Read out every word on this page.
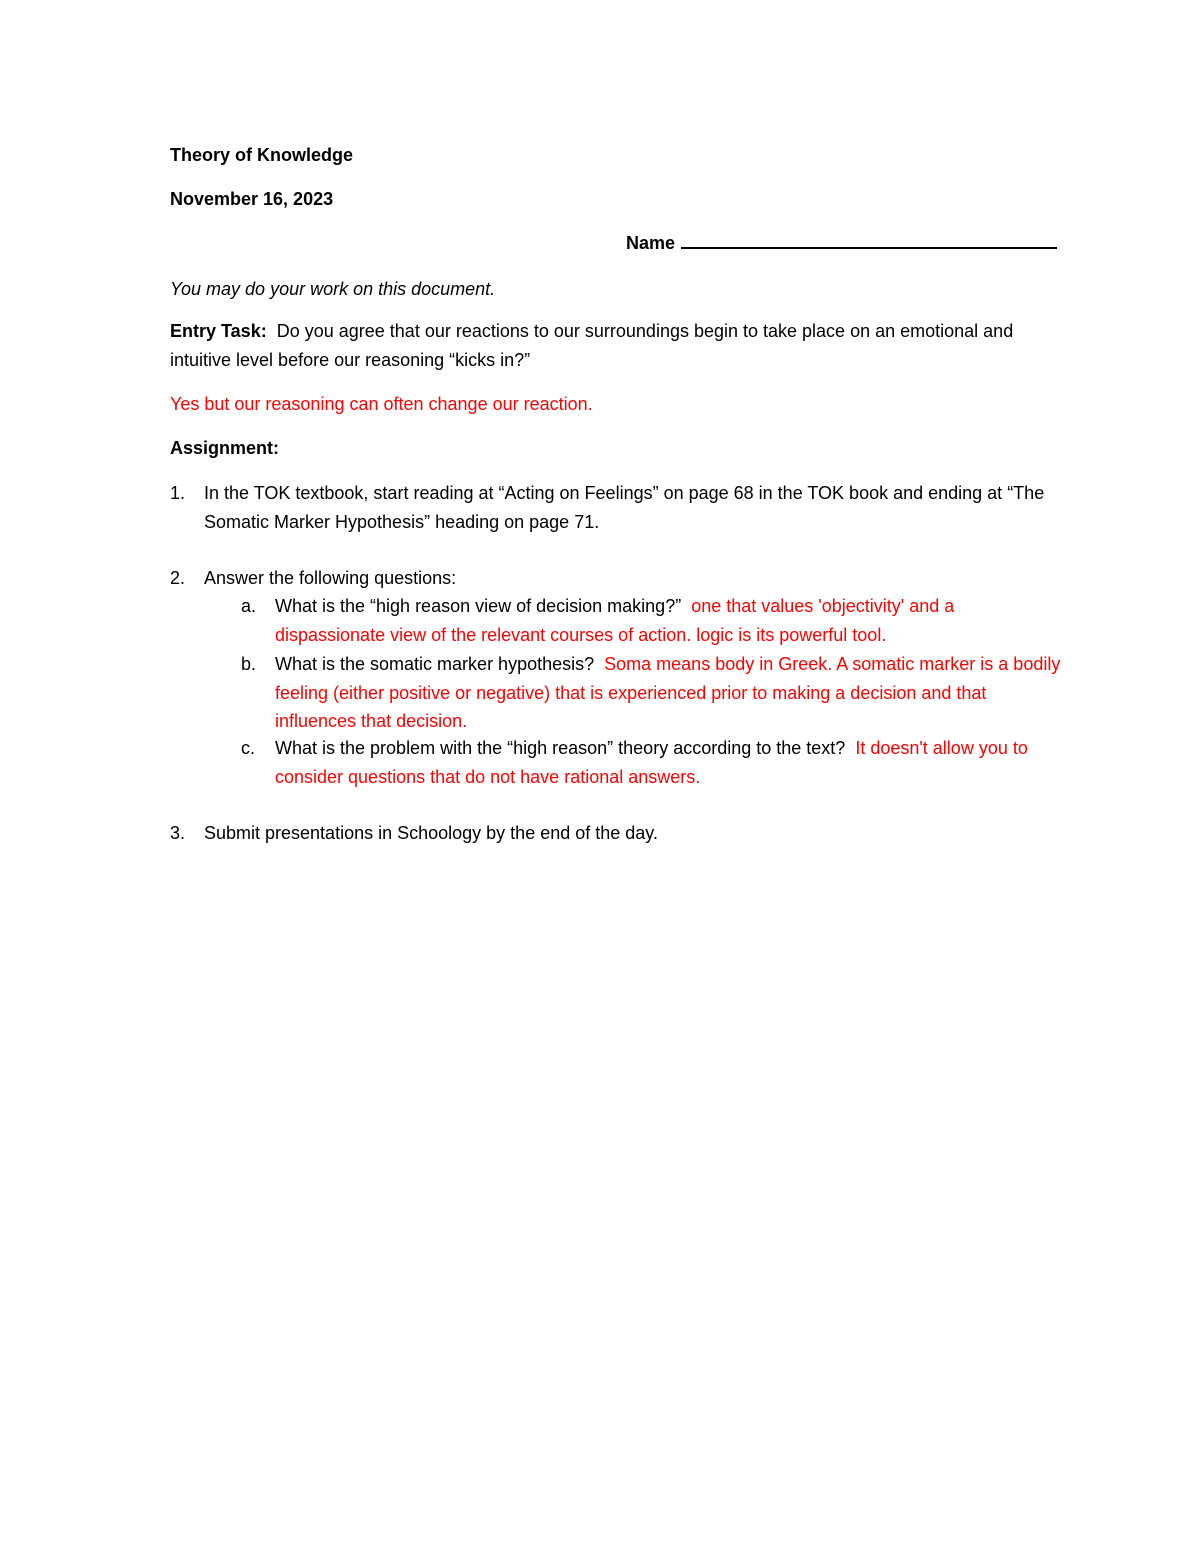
Theory of Knowledge
November 16, 2023
Name
You may do your work on this document.
Entry Task: Do you agree that our reactions to our surroundings begin to take place on an emotional and intuitive level before our reasoning “kicks in?”
Yes but our reasoning can often change our reaction.
Assignment:
1. In the TOK textbook, start reading at “Acting on Feelings” on page 68 in the TOK book and ending at “The Somatic Marker Hypothesis” heading on page 71.
2. Answer the following questions:
a. What is the “high reason view of decision making?” one that values 'objectivity' and a dispassionate view of the relevant courses of action. logic is its powerful tool.
b. What is the somatic marker hypothesis? Soma means body in Greek. A somatic marker is a bodily feeling (either positive or negative) that is experienced prior to making a decision and that influences that decision.
c. What is the problem with the “high reason” theory according to the text? It doesn't allow you to consider questions that do not have rational answers.
3. Submit presentations in Schoology by the end of the day.
